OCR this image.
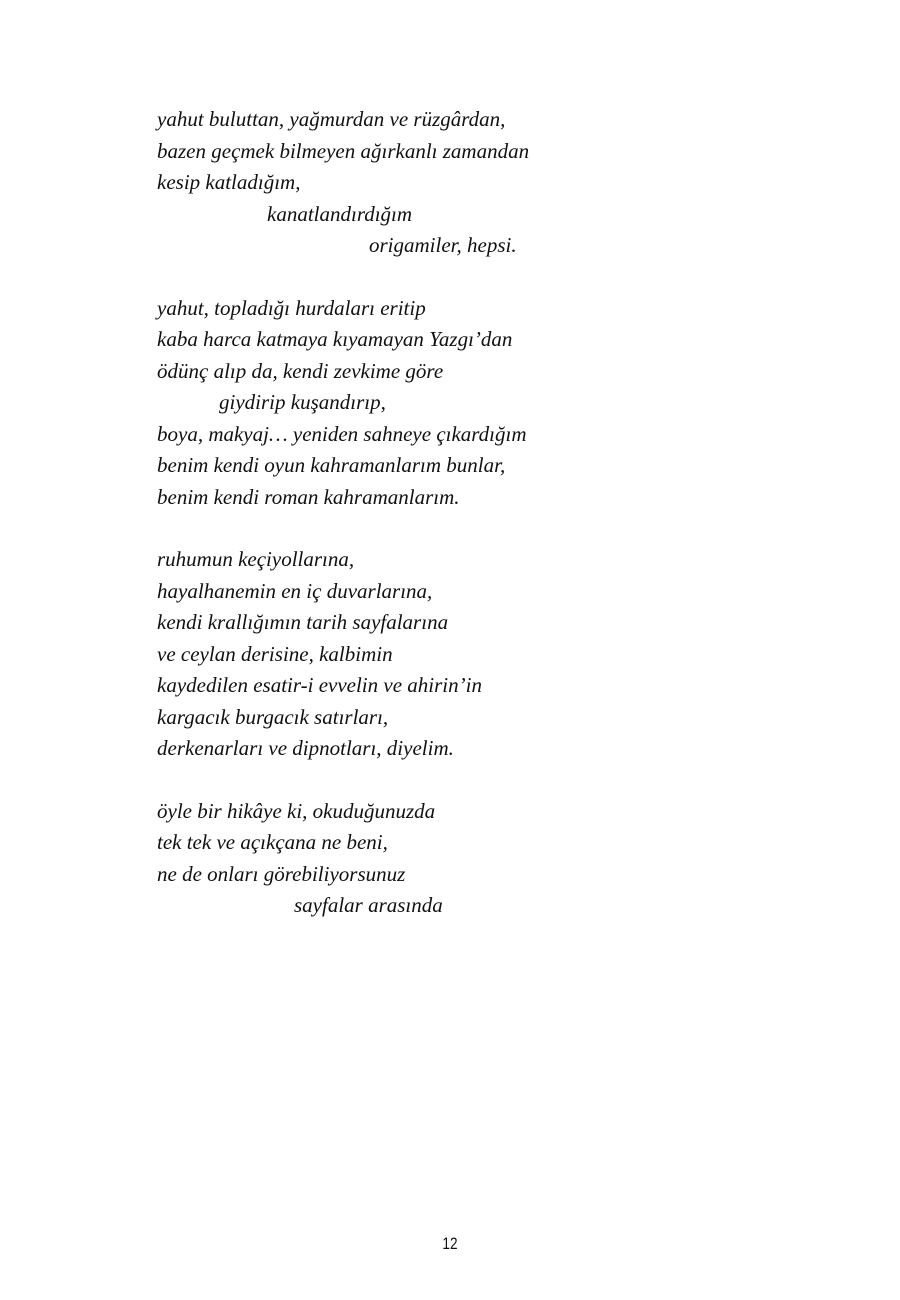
yahut buluttan, yağmurdan ve rüzgârdan,
bazen geçmek bilmeyen ağırkanlı zamandan
kesip katladığım,
kanatlandırdığım
origamiler, hepsi.
yahut, topladığı hurdaları eritip
kaba harca katmaya kıyamayan Yazgı’dan
ödünç alıp da, kendi zevkime göre
giydirip kuşandırıp,
boya, makyaj… yeniden sahneye çıkardığım
benim kendi oyun kahramanlarım bunlar,
benim kendi roman kahramanlarım.
ruhumun keçiyollarına,
hayalhanemin en iç duvarlarına,
kendi krallığımın tarih sayfalarına
ve ceylan derisine, kalbimin
kaydedilen esatir-i evvelin ve ahirin’in
kargacık burgacık satırları,
derkenarları ve dipnotları, diyelim.
öyle bir hikâye ki, okuduğunuzda
tek tek ve açıkçana ne beni,
ne de onları görebiliyorsunuz
sayfalar arasında
12
